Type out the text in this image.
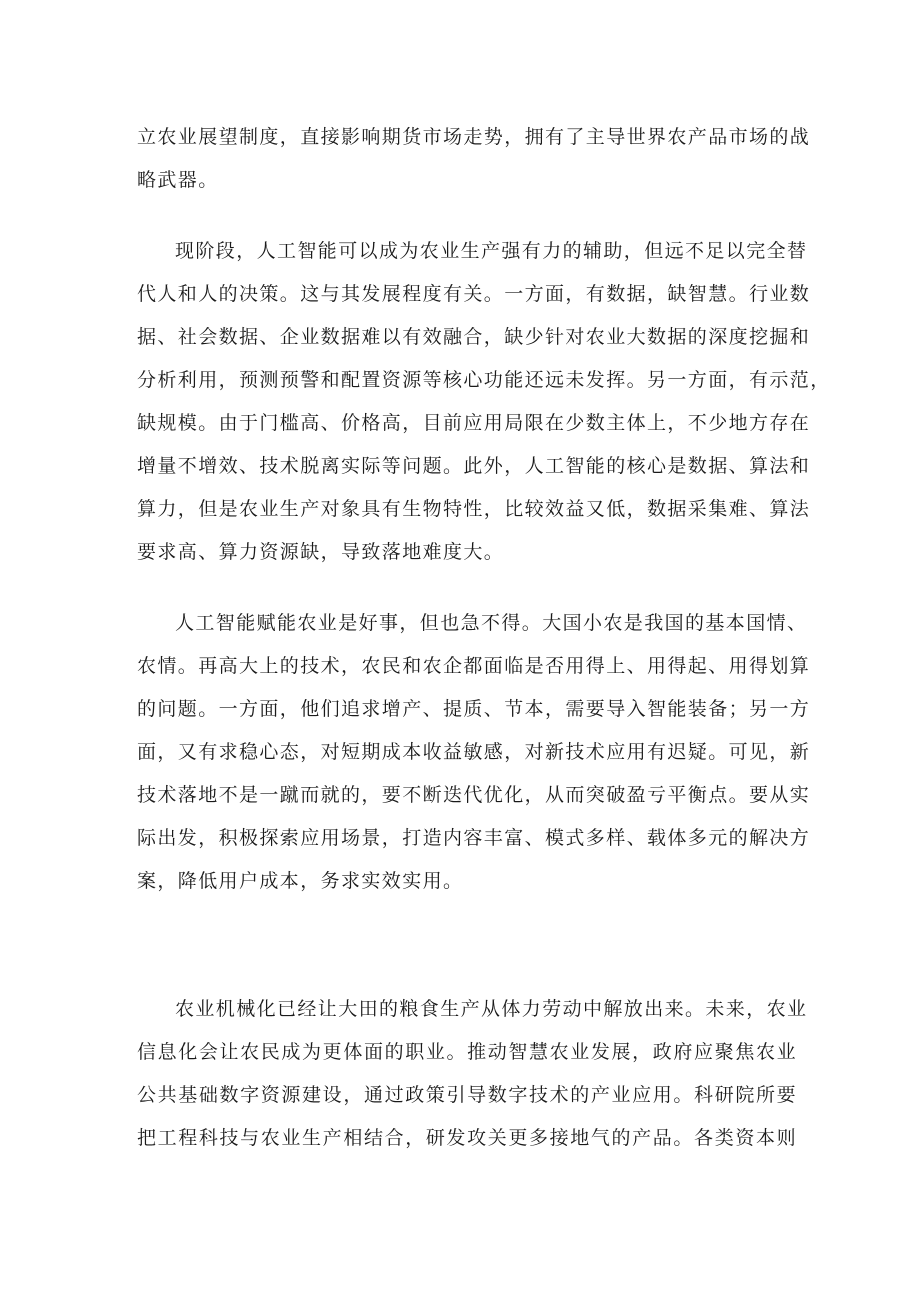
立农业展望制度，直接影响期货市场走势，拥有了主导世界农产品市场的战
略武器。
现阶段，人工智能可以成为农业生产强有力的辅助，但远不足以完全替
代人和人的决策。这与其发展程度有关。一方面，有数据，缺智慧。行业数
据、社会数据、企业数据难以有效融合，缺少针对农业大数据的深度挖掘和
分析利用，预测预警和配置资源等核心功能还远未发挥。另一方面，有示范，
缺规模。由于门槛高、价格高，目前应用局限在少数主体上，不少地方存在
增量不增效、技术脱离实际等问题。此外，人工智能的核心是数据、算法和
算力，但是农业生产对象具有生物特性，比较效益又低，数据采集难、算法
要求高、算力资源缺，导致落地难度大。
人工智能赋能农业是好事，但也急不得。大国小农是我国的基本国情、
农情。再高大上的技术，农民和农企都面临是否用得上、用得起、用得划算
的问题。一方面，他们追求增产、提质、节本，需要导入智能装备；另一方
面，又有求稳心态，对短期成本收益敏感，对新技术应用有迟疑。可见，新
技术落地不是一蹴而就的，要不断迭代优化，从而突破盈亏平衡点。要从实
际出发，积极探索应用场景，打造内容丰富、模式多样、载体多元的解决方
案，降低用户成本，务求实效实用。
农业机械化已经让大田的粮食生产从体力劳动中解放出来。未来，农业
信息化会让农民成为更体面的职业。推动智慧农业发展，政府应聚焦农业
公共基础数字资源建设，通过政策引导数字技术的产业应用。科研院所要
把工程科技与农业生产相结合，研发攻关更多接地气的产品。各类资本则
